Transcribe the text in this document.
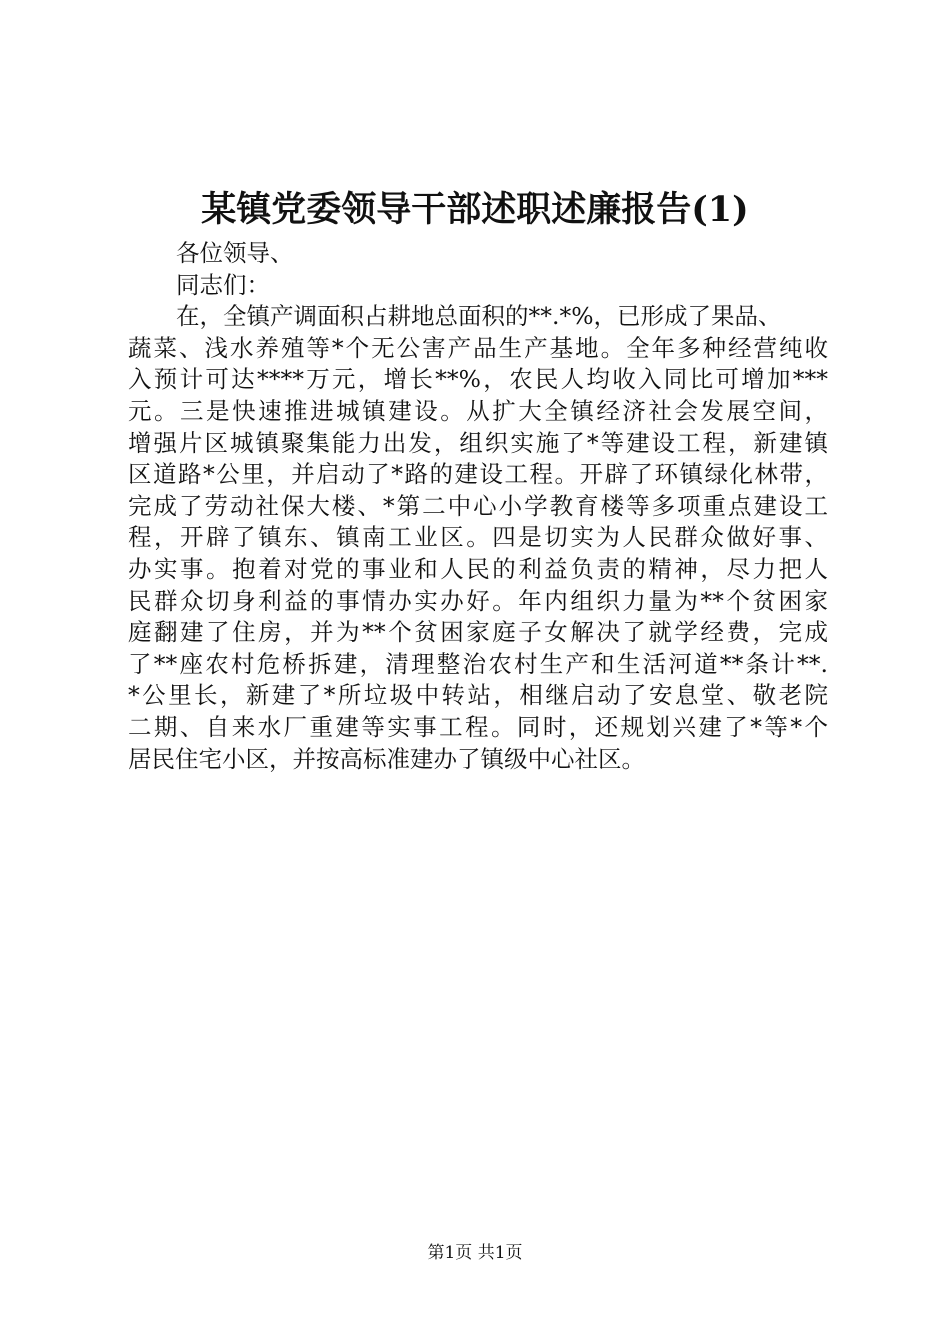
某镇党委领导干部述职述廉报告(1)
各位领导、
同志们：
在，全镇产调面积占耕地总面积的**.*%，已形成了果品、
蔬菜、浅水养殖等*个无公害产品生产基地。全年多种经营纯收
入预计可达****万元，增长**%，农民人均收入同比可增加***
元。三是快速推进城镇建设。从扩大全镇经济社会发展空间，
增强片区城镇聚集能力出发，组织实施了*等建设工程，新建镇
区道路*公里，并启动了*路的建设工程。开辟了环镇绿化林带，
完成了劳动社保大楼、*第二中心小学教育楼等多项重点建设工
程，开辟了镇东、镇南工业区。四是切实为人民群众做好事、
办实事。抱着对党的事业和人民的利益负责的精神，尽力把人
民群众切身利益的事情办实办好。年内组织力量为**个贫困家
庭翻建了住房，并为**个贫困家庭子女解决了就学经费，完成
了**座农村危桥拆建，清理整治农村生产和生活河道**条计**.
*公里长，新建了*所垃圾中转站，相继启动了安息堂、敬老院
二期、自来水厂重建等实事工程。同时，还规划兴建了*等*个
居民住宅小区，并按高标准建办了镇级中心社区。
第1页 共1页
